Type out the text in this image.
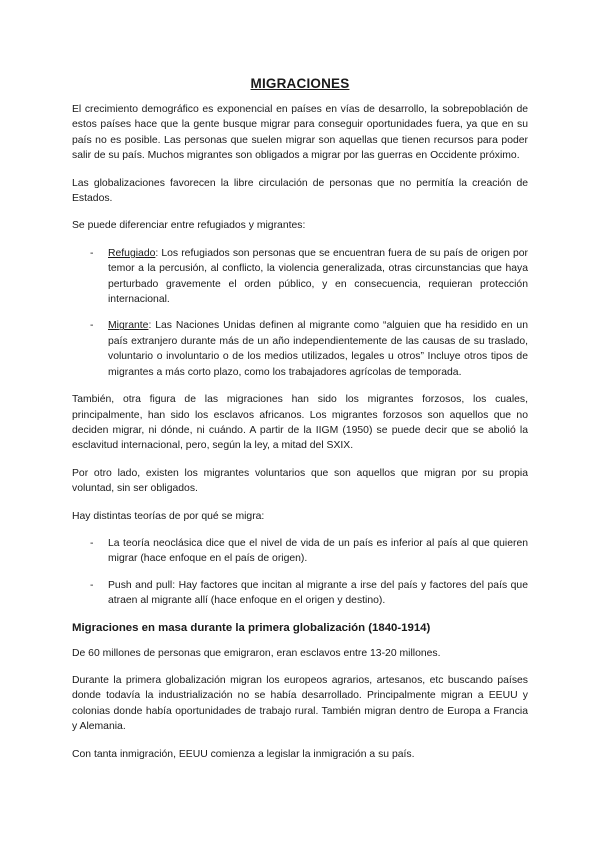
MIGRACIONES

El crecimiento demográfico es exponencial en países en vías de desarrollo, la sobrepoblación de estos países hace que la gente busque migrar para conseguir oportunidades fuera, ya que en su país no es posible. Las personas que suelen migrar son aquellas que tienen recursos para poder salir de su país. Muchos migrantes son obligados a migrar por las guerras en Occidente próximo.

Las globalizaciones favorecen la libre circulación de personas que no permitía la creación de Estados.

Se puede diferenciar entre refugiados y migrantes:

- Refugiado: Los refugiados son personas que se encuentran fuera de su país de origen por temor a la percusión, al conflicto, la violencia generalizada, otras circunstancias que haya perturbado gravemente el orden público, y en consecuencia, requieran protección internacional.
- Migrante: Las Naciones Unidas definen al migrante como “alguien que ha residido en un país extranjero durante más de un año independientemente de las causas de su traslado, voluntario o involuntario o de los medios utilizados, legales u otros” Incluye otros tipos de migrantes a más corto plazo, como los trabajadores agrícolas de temporada.

También, otra figura de las migraciones han sido los migrantes forzosos, los cuales, principalmente, han sido los esclavos africanos. Los migrantes forzosos son aquellos que no deciden migrar, ni dónde, ni cuándo. A partir de la IIGM (1950) se puede decir que se abolió la esclavitud internacional, pero, según la ley, a mitad del SXIX.

Por otro lado, existen los migrantes voluntarios que son aquellos que migran por su propia voluntad, sin ser obligados.

Hay distintas teorías de por qué se migra:

- La teoría neoclásica dice que el nivel de vida de un país es inferior al país al que quieren migrar (hace enfoque en el país de origen).
- Push and pull: Hay factores que incitan al migrante a irse del país y factores del país que atraen al migrante allí (hace enfoque en el origen y destino).
Migraciones en masa durante la primera globalización (1840-1914)

De 60 millones de personas que emigraron, eran esclavos entre 13-20 millones.

Durante la primera globalización migran los europeos agrarios, artesanos, etc buscando países donde todavía la industrialización no se había desarrollado. Principalmente migran a EEUU y colonias donde había oportunidades de trabajo rural. También migran dentro de Europa a Francia y Alemania.

Con tanta inmigración, EEUU comienza a legislar la inmigración a su país.
